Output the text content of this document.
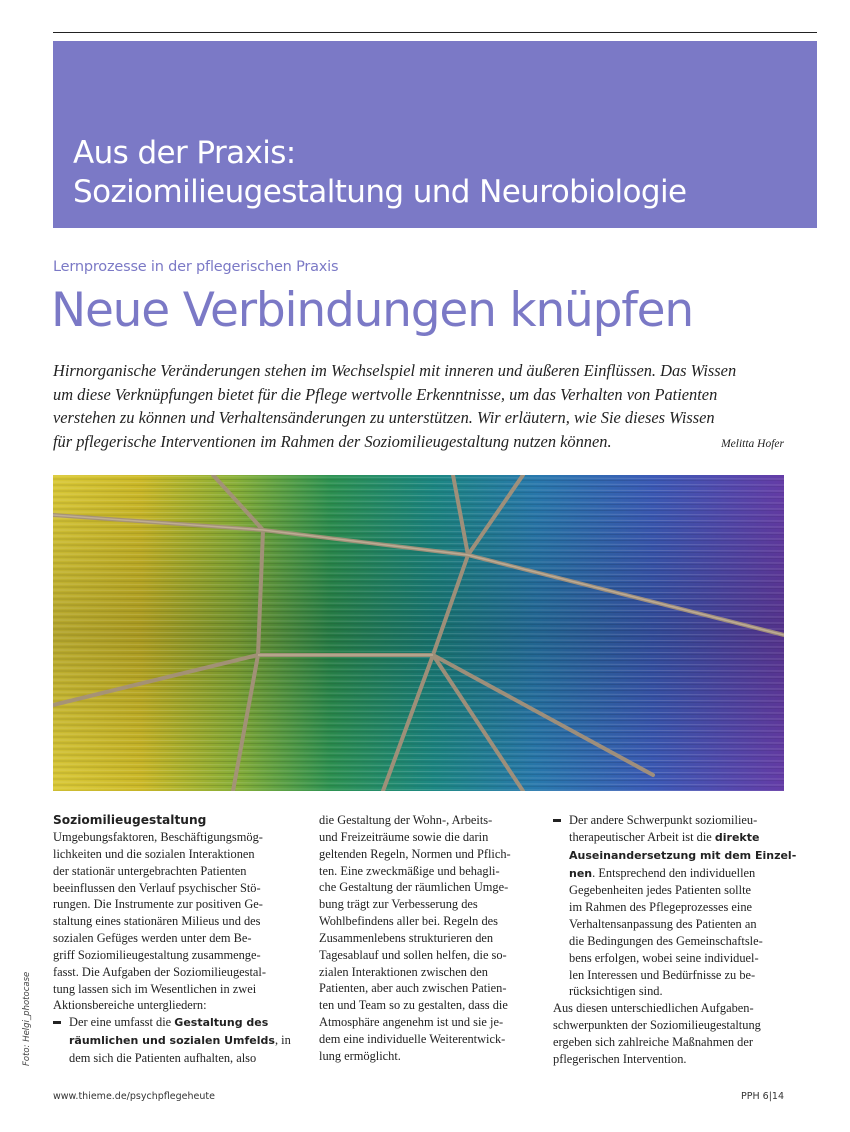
Aus der Praxis:
Soziomilieugestaltung und Neurobiologie
Lernprozesse in der pflegerischen Praxis
Neue Verbindungen knüpfen
Hirnorganische Veränderungen stehen im Wechselspiel mit inneren und äußeren Einflüssen. Das Wissen
um diese Verknüpfungen bietet für die Pflege wertvolle Erkenntnisse, um das Verhalten von Patienten
verstehen zu können und Verhaltensänderungen zu unterstützen. Wir erläutern, wie Sie dieses Wissen
für pflegerische Interventionen im Rahmen der Soziomilieugestaltung nutzen können.	Melitta Hofer
Foto: Helgi_photocase
Soziomilieugestaltung
Umgebungsfaktoren, Beschäftigungsmög-
lichkeiten und die sozialen Interaktionen
der stationär untergebrachten Patienten
beeinflussen den Verlauf psychischer Stö-
rungen. Die Instrumente zur positiven Ge-
staltung eines stationären Milieus und des
sozialen Gefüges werden unter dem Be-
griff Soziomilieugestaltung zusammenge-
fasst. Die Aufgaben der Soziomilieugestal-
tung lassen sich im Wesentlichen in zwei
Aktionsbereiche untergliedern:
Der eine umfasst die Gestaltung des
räumlichen und sozialen Umfelds, in
dem sich die Patienten aufhalten, also
die Gestaltung der Wohn-, Arbeits-
und Freizeiträume sowie die darin
geltenden Regeln, Normen und Pflich-
ten. Eine zweckmäßige und behagli-
che Gestaltung der räumlichen Umge-
bung trägt zur Verbesserung des
Wohlbefindens aller bei. Regeln des
Zusammenlebens strukturieren den
Tagesablauf und sollen helfen, die so-
zialen Interaktionen zwischen den
Patienten, aber auch zwischen Patien-
ten und Team so zu gestalten, dass die
Atmosphäre angenehm ist und sie je-
dem eine individuelle Weiterentwick-
lung ermöglicht.
Der andere Schwerpunkt soziomilieu-
therapeutischer Arbeit ist die direkte
Auseinandersetzung mit dem Einzel-
nen. Entsprechend den individuellen
Gegebenheiten jedes Patienten sollte
im Rahmen des Pflegeprozesses eine
Verhaltensanpassung des Patienten an
die Bedingungen des Gemeinschaftsle-
bens erfolgen, wobei seine individuel-
len Interessen und Bedürfnisse zu be-
rücksichtigen sind.
Aus diesen unterschiedlichen Aufgaben-
schwerpunkten der Soziomilieugestaltung
ergeben sich zahlreiche Maßnahmen der
pflegerischen Intervention.
www.thieme.de/psychpflegeheute	PPH 6|14
